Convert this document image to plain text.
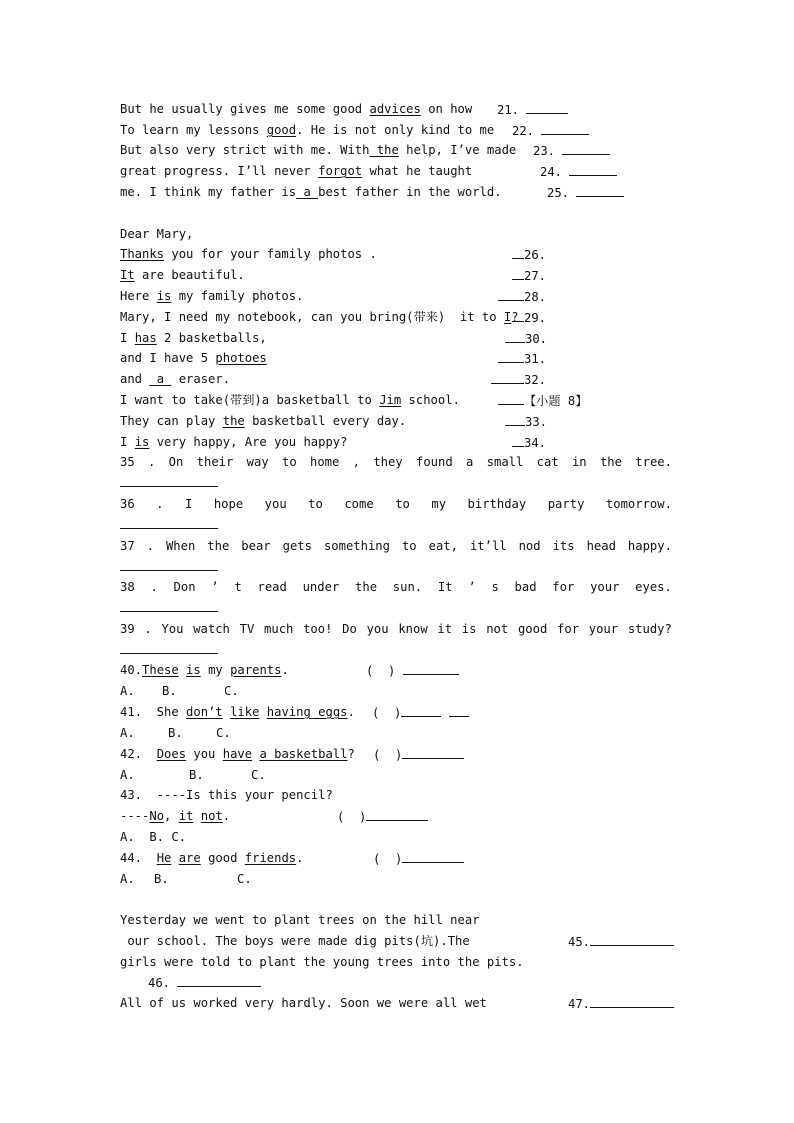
But he usually gives me some good advices on how 21.
To learn my lessons good. He is not only kind to me 22.
But also very strict with me. With the help, I’ve made 23.
great progress. I’ll never forgot what he taught	24.
me. I think my father is a best father in the world.	25.
Dear Mary,
Thanks you for your family photos .	26.
It are beautiful.	27.
Here is my family photos.	28.
Mary, I need my notebook, can you bring(带来)  it to I? 29.
I has 2 basketballs,	30.
and I have 5 photoes	31.
and  a  eraser.	32.
I want to take(带到)a basketball to Jim school.	【小题 8】
They can play the basketball every day.	33.
I is very happy, Are you happy?	34.
35 . On their way to home , they found a small cat in the tree.
36 . I hope you to come to my birthday party tomorrow.
37 . When the bear gets something to eat, it’ll nod its head happy.
38 . Don ’ t read under the sun. It ’ s bad for your eyes.
39 . You watch TV much too! Do you know it is not good for your study?
40.These is my parents.	(  )
A. B.	C.
41.  She don’t like having eggs. (  )
A.	B.	C.
42.  Does you have a basketball? (  )
A.	B.	C.
43.  ----Is this your pencil?
----No, it not.	(  )
A.  B. C.
44.  He are good friends.	(  )
A. B.	C.
Yesterday we went to plant trees on the hill near
our school. The boys were made dig pits(坑).The	45.
girls were told to plant the young trees into the pits.
46.
All of us worked very hardly. Soon we were all wet	47.
